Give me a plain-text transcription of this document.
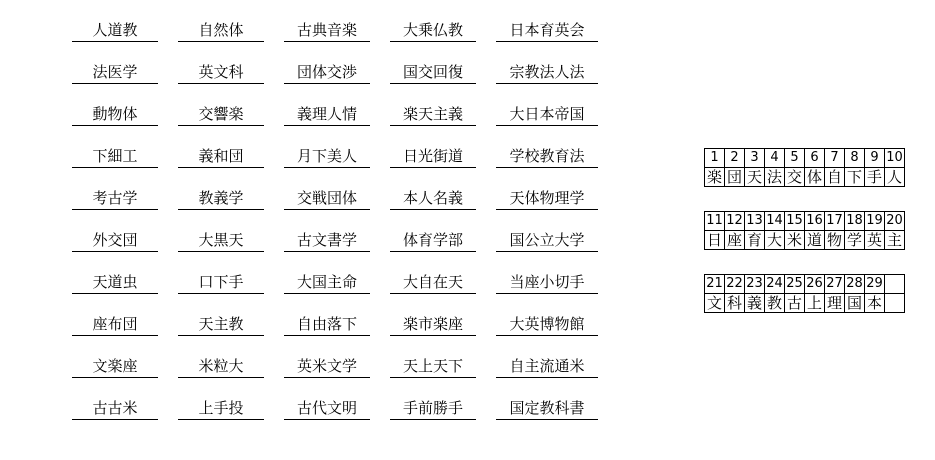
人道教	自然体	古典音楽	大乗仏教	日本育英会
法医学	英文科	団体交渉	国交回復	宗教法人法
動物体	交響楽	義理人情	楽天主義	大日本帝国
下細工	義和団	月下美人	日光街道	学校教育法
考古学	教義学	交戦団体	本人名義	天体物理学
外交団	大黒天	古文書学	体育学部	国公立大学
天道虫	口下手	大国主命	大自在天	当座小切手
座布団	天主教	自由落下	楽市楽座	大英博物館
文楽座	米粒大	英米文学	天上天下	自主流通米
古古米	上手投	古代文明	手前勝手	国定教科書
1	2	3	4	5	6	7	8	9	10
楽	団	天	法	交	体	自	下	手	人
11	12	13	14	15	16	17	18	19	20
日	座	育	大	米	道	物	学	英	主
21	22	23	24	25	26	27	28	29	
文	科	義	教	古	上	理	国	本	
